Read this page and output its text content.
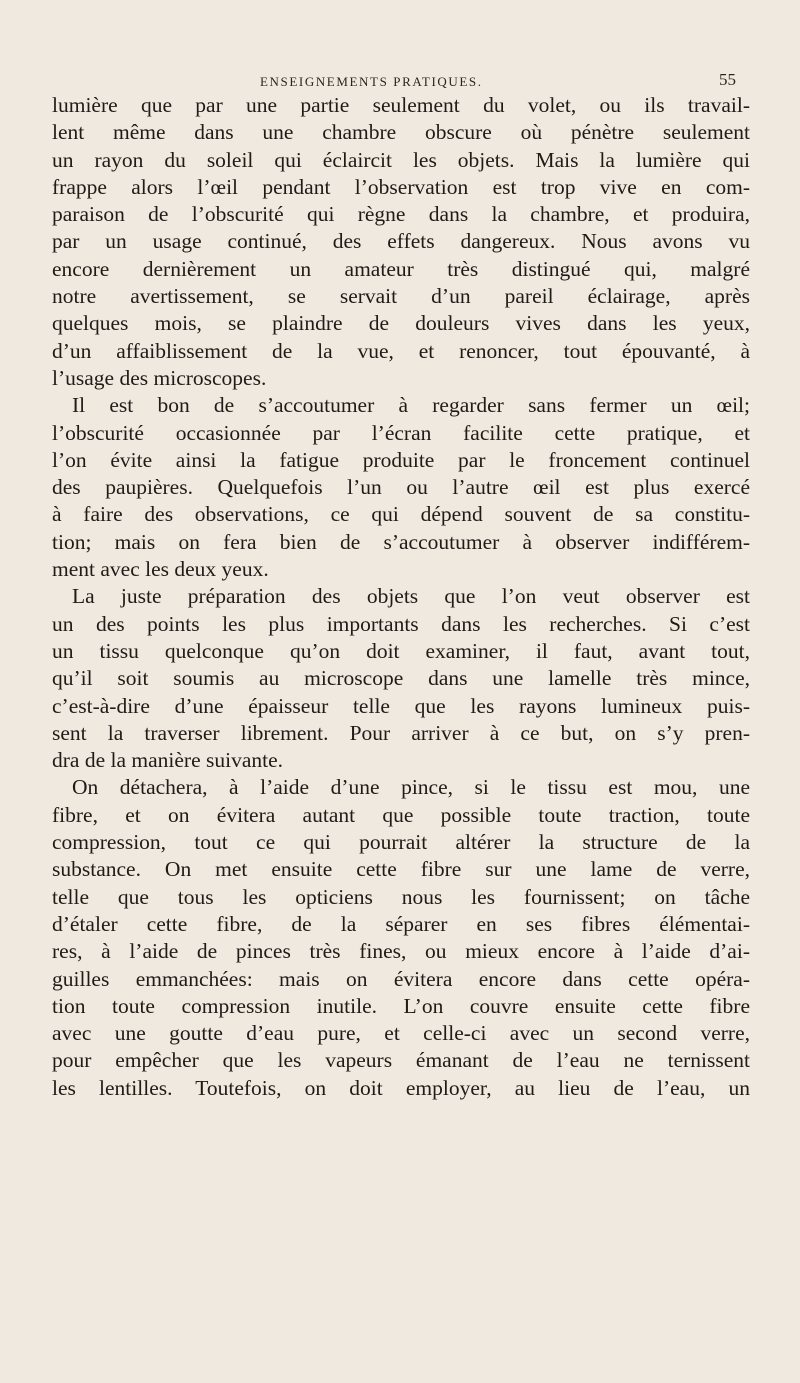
ENSEIGNEMENTS PRATIQUES.	55
lumière que par une partie seulement du volet, ou ils travail-
lent même dans une chambre obscure où pénètre seulement
un rayon du soleil qui éclaircit les objets. Mais la lumière qui
frappe alors l’œil pendant l’observation est trop vive en com-
paraison de l’obscurité qui règne dans la chambre, et produira,
par un usage continué, des effets dangereux. Nous avons vu
encore dernièrement un amateur très distingué qui, malgré
notre avertissement, se servait d’un pareil éclairage, après
quelques mois, se plaindre de douleurs vives dans les yeux,
d’un affaiblissement de la vue, et renoncer, tout épouvanté, à
l’usage des microscopes.
Il est bon de s’accoutumer à regarder sans fermer un œil;
l’obscurité occasionnée par l’écran facilite cette pratique, et
l’on évite ainsi la fatigue produite par le froncement continuel
des paupières. Quelquefois l’un ou l’autre œil est plus exercé
à faire des observations, ce qui dépend souvent de sa constitu-
tion; mais on fera bien de s’accoutumer à observer indifférem-
ment avec les deux yeux.
La juste préparation des objets que l’on veut observer est
un des points les plus importants dans les recherches. Si c’est
un tissu quelconque qu’on doit examiner, il faut, avant tout,
qu’il soit soumis au microscope dans une lamelle très mince,
c’est-à-dire d’une épaisseur telle que les rayons lumineux puis-
sent la traverser librement. Pour arriver à ce but, on s’y pren-
dra de la manière suivante.
On détachera, à l’aide d’une pince, si le tissu est mou, une
fibre, et on évitera autant que possible toute traction, toute
compression, tout ce qui pourrait altérer la structure de la
substance. On met ensuite cette fibre sur une lame de verre,
telle que tous les opticiens nous les fournissent; on tâche
d’étaler cette fibre, de la séparer en ses fibres élémentai-
res, à l’aide de pinces très fines, ou mieux encore à l’aide d’ai-
guilles emmanchées: mais on évitera encore dans cette opéra-
tion toute compression inutile. L’on couvre ensuite cette fibre
avec une goutte d’eau pure, et celle-ci avec un second verre,
pour empêcher que les vapeurs émanant de l’eau ne ternissent
les lentilles. Toutefois, on doit employer, au lieu de l’eau, un
